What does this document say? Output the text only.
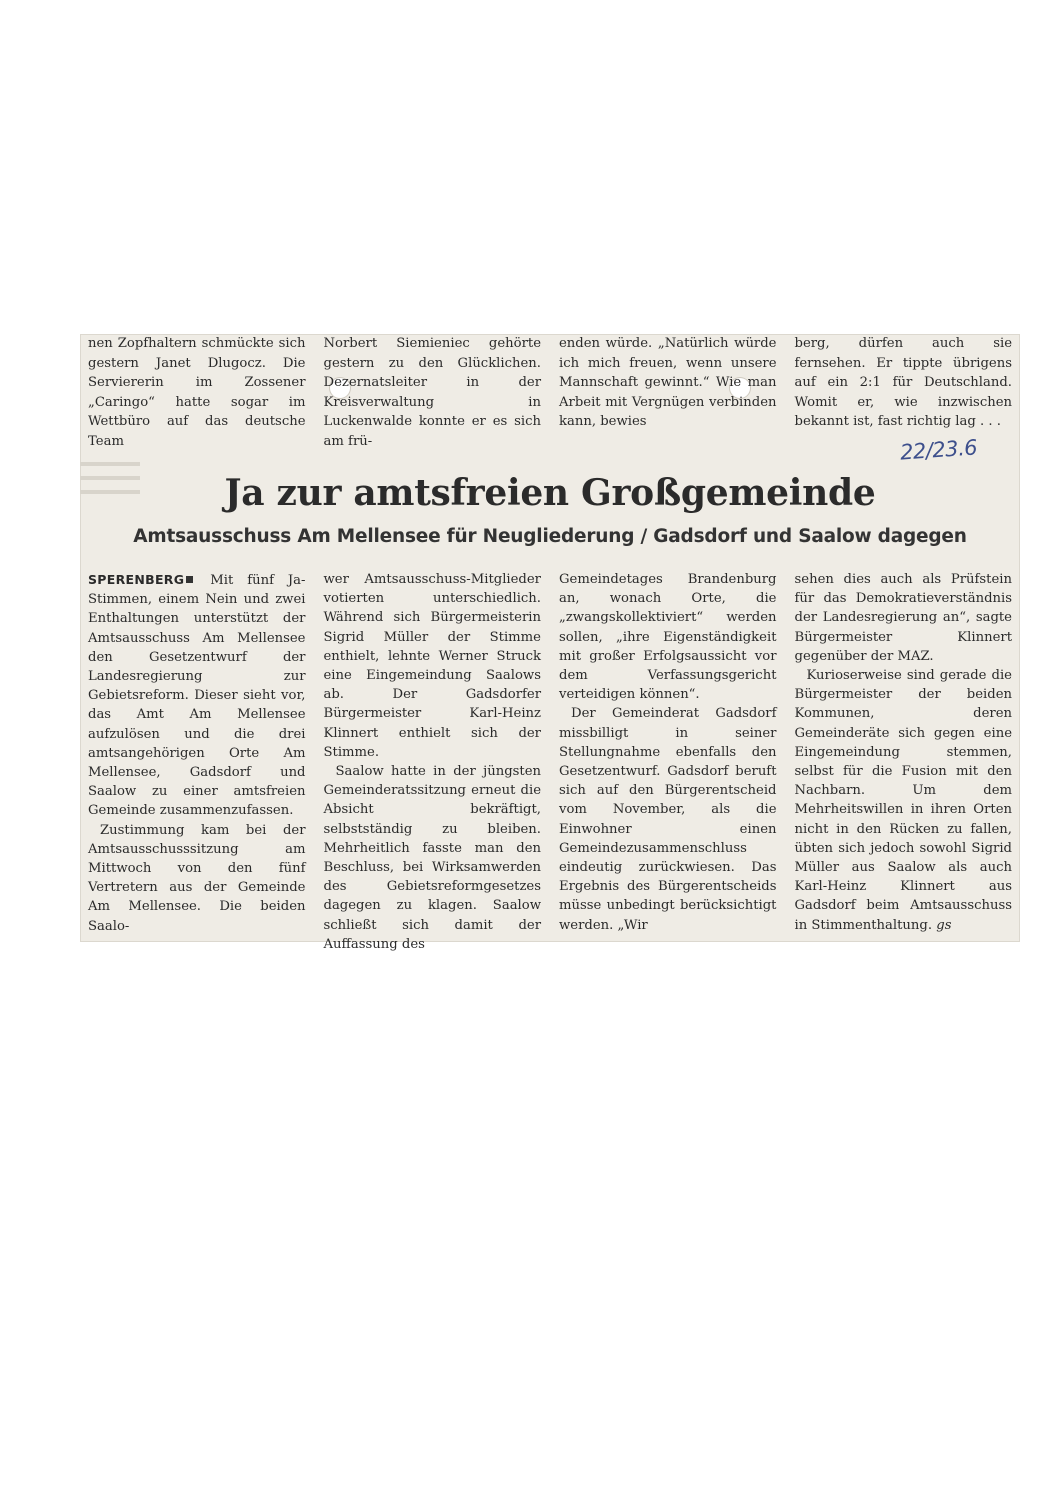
nen Zopfhaltern schmückte sich gestern Janet Dlugocz. Die Serviererin im Zossener „Caringo“ hatte sogar im Wettbüro auf das deutsche Team
Norbert Siemieniec gehörte gestern zu den Glücklichen. Dezernatsleiter in der Kreisverwaltung in Luckenwalde konnte er es sich am frü-
enden würde. „Natürlich würde ich mich freuen, wenn unsere Mannschaft gewinnt.“ Wie man Arbeit mit Vergnügen verbinden kann, bewies
berg, dürfen auch sie fernsehen. Er tippte übrigens auf ein 2:1 für Deutschland. Womit er, wie inzwischen bekannt ist, fast richtig lag . . .
22/23.6
Ja zur amtsfreien Großgemeinde
Amtsausschuss Am Mellensee für Neugliederung / Gadsdorf und Saalow dagegen

SPERENBERG Mit fünf Ja-Stimmen, einem Nein und zwei Enthaltungen unterstützt der Amtsausschuss Am Mellensee den Gesetzentwurf der Landesregierung zur Gebietsreform. Dieser sieht vor, das Amt Am Mellensee aufzulösen und die drei amtsangehörigen Orte Am Mellensee, Gadsdorf und Saalow zu einer amtsfreien Gemeinde zusammenzufassen.

Zustimmung kam bei der Amtsausschusssitzung am Mittwoch von den fünf Vertretern aus der Gemeinde Am Mellensee. Die beiden Saalo-

wer Amtsausschuss-Mitglieder votierten unterschiedlich. Während sich Bürgermeisterin Sigrid Müller der Stimme enthielt, lehnte Werner Struck eine Eingemeindung Saalows ab. Der Gadsdorfer Bürgermeister Karl-Heinz Klinnert enthielt sich der Stimme.

Saalow hatte in der jüngsten Gemeinderatssitzung erneut die Absicht bekräftigt, selbstständig zu bleiben. Mehrheitlich fasste man den Beschluss, bei Wirksamwerden des Gebietsreformgesetzes dagegen zu klagen. Saalow schließt sich damit der Auffassung des

Gemeindetages Brandenburg an, wonach Orte, die „zwangskollektiviert“ werden sollen, „ihre Eigenständigkeit mit großer Erfolgsaussicht vor dem Verfassungsgericht verteidigen können“.

Der Gemeinderat Gadsdorf missbilligt in seiner Stellungnahme ebenfalls den Gesetzentwurf. Gadsdorf beruft sich auf den Bürgerentscheid vom November, als die Einwohner einen Gemeindezusammenschluss eindeutig zurückwiesen. Das Ergebnis des Bürgerentscheids müsse unbedingt berücksichtigt werden. „Wir

sehen dies auch als Prüfstein für das Demokratieverständnis der Landesregierung an“, sagte Bürgermeister Klinnert gegenüber der MAZ.

Kurioserweise sind gerade die Bürgermeister der beiden Kommunen, deren Gemeinderäte sich gegen eine Eingemeindung stemmen, selbst für die Fusion mit den Nachbarn. Um dem Mehrheitswillen in ihren Orten nicht in den Rücken zu fallen, übten sich jedoch sowohl Sigrid Müller aus Saalow als auch Karl-Heinz Klinnert aus Gadsdorf beim Amtsausschuss in Stimmenthaltung. gs
